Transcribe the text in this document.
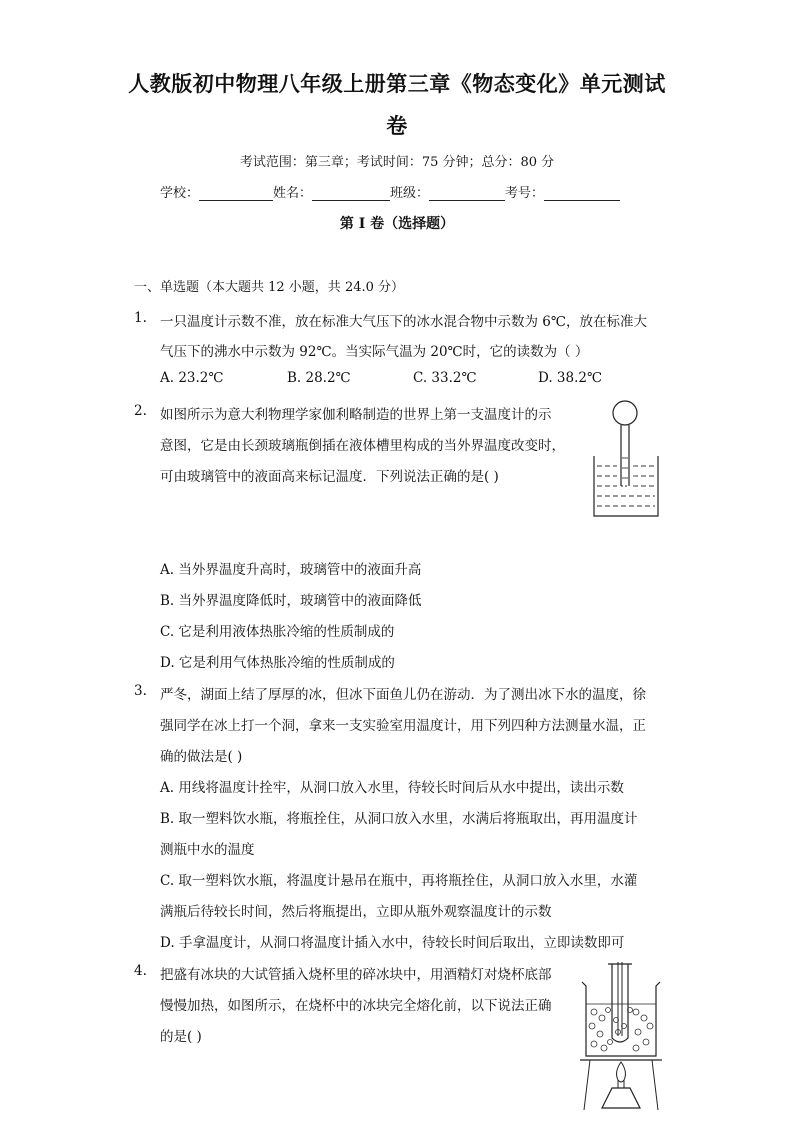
人教版初中物理八年级上册第三章《物态变化》单元测试
卷
考试范围：第三章；考试时间：75 分钟；总分：80 分
学校：	姓名：	班级：	考号：
第 I 卷（选择题）
一、单选题（本大题共 12 小题，共 24.0 分）
1. 一只温度计示数不准，放在标准大气压下的冰水混合物中示数为 6℃，放在标准大
气压下的沸水中示数为 92℃。当实际气温为 20℃时，它的读数为（ ）
A. 23.2℃	B. 28.2℃	C. 33.2℃	D. 38.2℃
2. 如图所示为意大利物理学家伽利略制造的世界上第一支温度计的示
意图，它是由长颈玻璃瓶倒插在液体槽里构成的当外界温度改变时，
可由玻璃管中的液面高来标记温度．下列说法正确的是( )
A. 当外界温度升高时，玻璃管中的液面升高
B. 当外界温度降低时，玻璃管中的液面降低
C. 它是利用液体热胀冷缩的性质制成的
D. 它是利用气体热胀冷缩的性质制成的
3. 严冬，湖面上结了厚厚的冰，但冰下面鱼儿仍在游动．为了测出冰下水的温度，徐
强同学在冰上打一个洞，拿来一支实验室用温度计，用下列四种方法测量水温，正
确的做法是( )
A. 用线将温度计拴牢，从洞口放入水里，待较长时间后从水中提出，读出示数
B. 取一塑料饮水瓶，将瓶拴住，从洞口放入水里，水满后将瓶取出，再用温度计
测瓶中水的温度
C. 取一塑料饮水瓶，将温度计悬吊在瓶中，再将瓶拴住，从洞口放入水里，水灌
满瓶后待较长时间，然后将瓶提出，立即从瓶外观察温度计的示数
D. 手拿温度计，从洞口将温度计插入水中，待较长时间后取出，立即读数即可
4. 把盛有冰块的大试管插入烧杯里的碎冰块中，用酒精灯对烧杯底部
慢慢加热，如图所示，在烧杯中的冰块完全熔化前，以下说法正确
的是( )
